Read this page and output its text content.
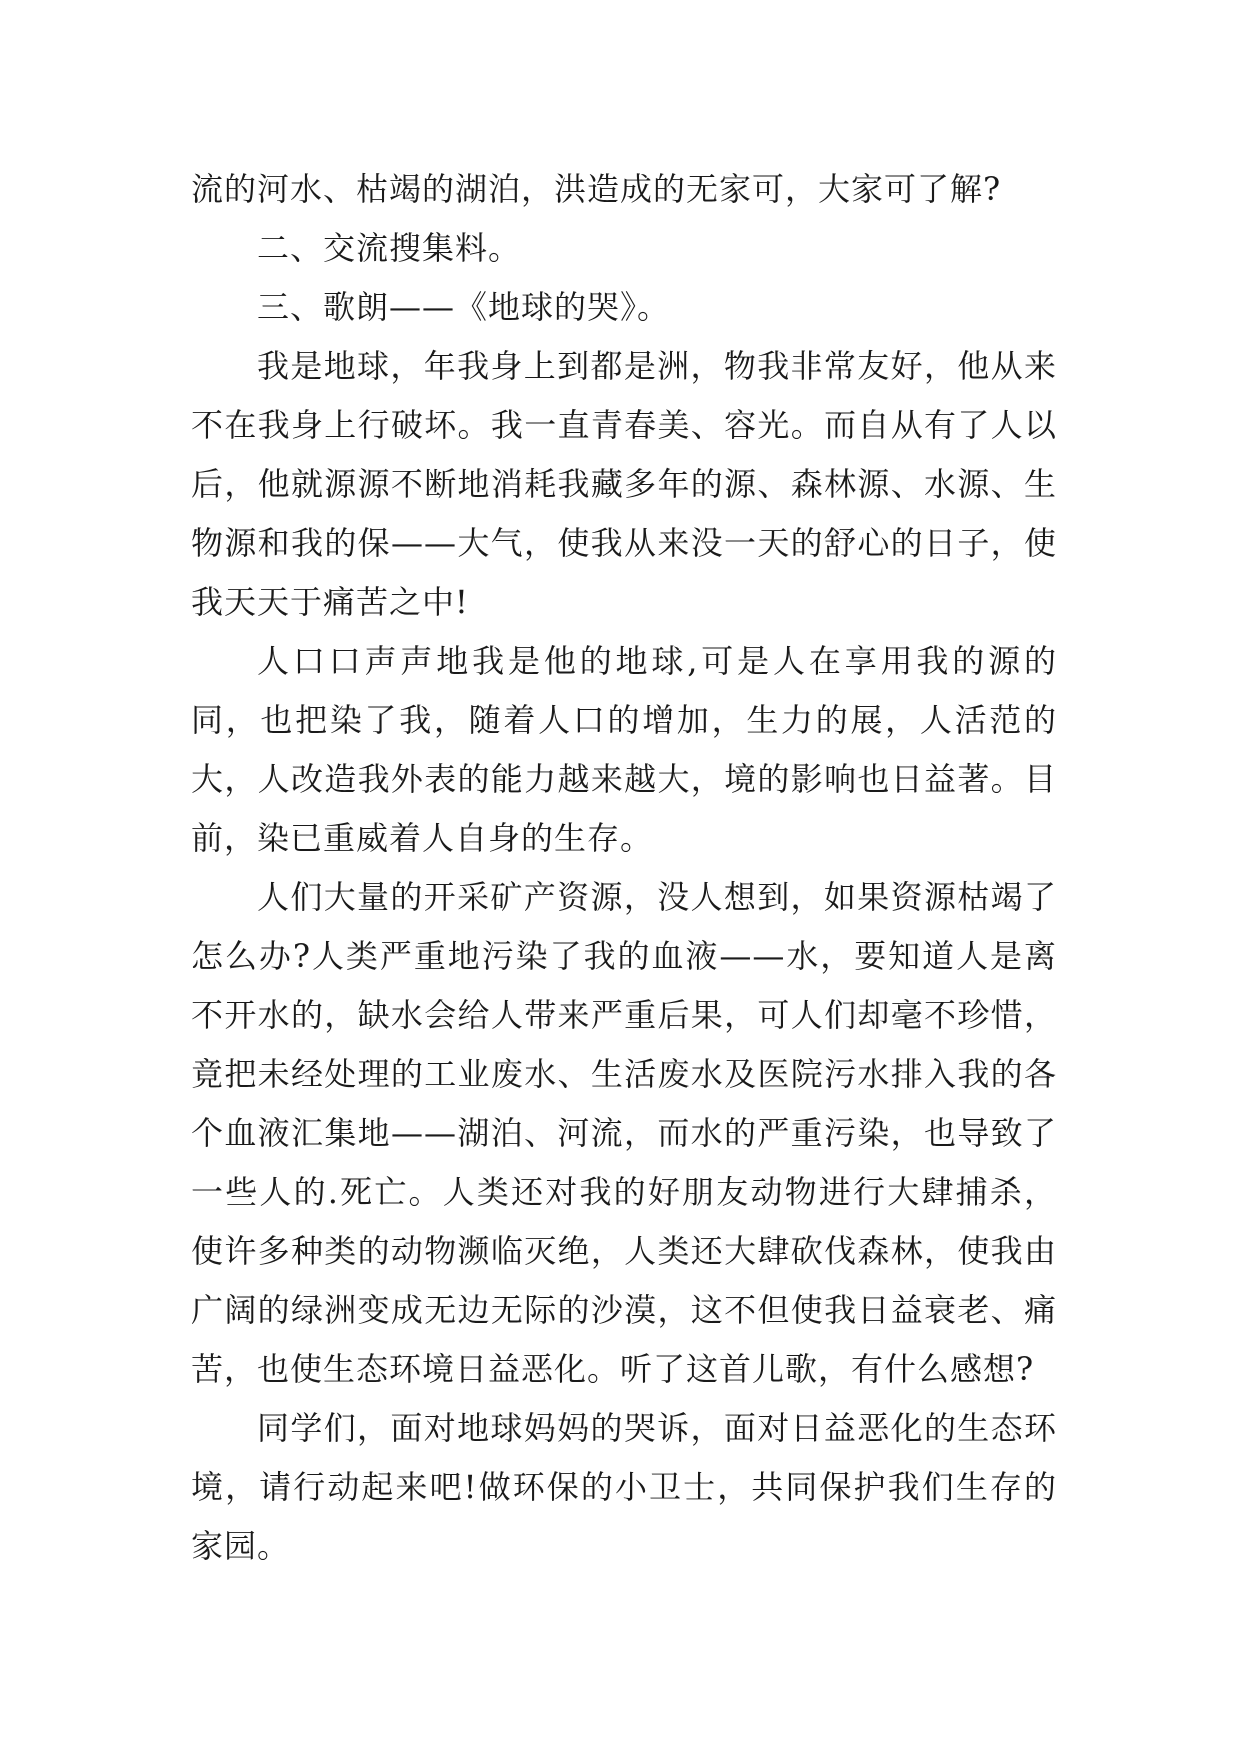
流的河水、枯竭的湖泊，洪造成的无家可，大家可了解?

二、交流搜集料。

三、歌朗——《地球的哭》。

我是地球，年我身上到都是洲，物我非常友好，他从来不在我身上行破坏。我一直青春美、容光。而自从有了人以后，他就源源不断地消耗我藏多年的源、森林源、水源、生物源和我的保——大气，使我从来没一天的舒心的日子，使我天天于痛苦之中!

人口口声声地我是他的地球,可是人在享用我的源的同，也把染了我，随着人口的增加，生力的展，人活范的大，人改造我外表的能力越来越大，境的影响也日益著。目前，染已重威着人自身的生存。

人们大量的开采矿产资源，没人想到，如果资源枯竭了怎么办?人类严重地污染了我的血液——水，要知道人是离不开水的，缺水会给人带来严重后果，可人们却毫不珍惜，竟把未经处理的工业废水、生活废水及医院污水排入我的各个血液汇集地——湖泊、河流，而水的严重污染，也导致了一些人的.死亡。人类还对我的好朋友动物进行大肆捕杀，使许多种类的动物濒临灭绝，人类还大肆砍伐森林，使我由广阔的绿洲变成无边无际的沙漠，这不但使我日益衰老、痛苦，也使生态环境日益恶化。听了这首儿歌，有什么感想?

同学们，面对地球妈妈的哭诉，面对日益恶化的生态环境，请行动起来吧!做环保的小卫士，共同保护我们生存的家园。
